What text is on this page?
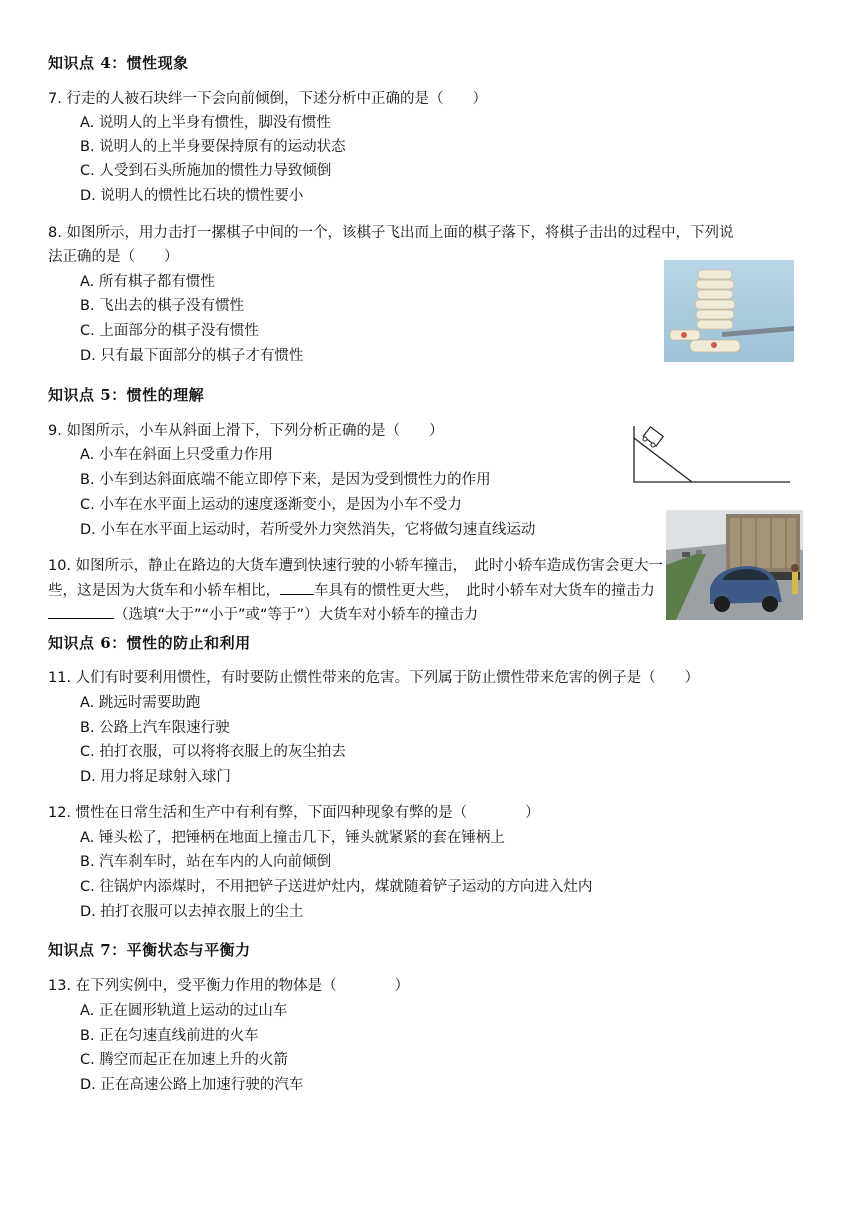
知识点 4：惯性现象
7. 行走的人被石块绊一下会向前倾倒，下述分析中正确的是（　　）
A. 说明人的上半身有惯性，脚没有惯性
B. 说明人的上半身要保持原有的运动状态
C. 人受到石头所施加的惯性力导致倾倒
D. 说明人的惯性比石块的惯性要小
8. 如图所示，用力击打一摞棋子中间的一个，该棋子飞出而上面的棋子落下，将棋子击出的过程中，下列说
法正确的是（　　）
A. 所有棋子都有惯性
B. 飞出去的棋子没有惯性
C. 上面部分的棋子没有惯性
D. 只有最下面部分的棋子才有惯性
知识点 5：惯性的理解
9. 如图所示，小车从斜面上滑下，下列分析正确的是（　　）
A. 小车在斜面上只受重力作用
B. 小车到达斜面底端不能立即停下来，是因为受到惯性力的作用
C. 小车在水平面上运动的速度逐渐变小，是因为小车不受力
D. 小车在水平面上运动时，若所受外力突然消失，它将做匀速直线运动
10. 如图所示，静止在路边的大货车遭到快速行驶的小轿车撞击，　此时小轿车造成伤害会更大一些，这是因为大货车和小轿车相比， 车具有的惯性更大些，　此时小轿车对大货车的撞击力（选填“大于”“小于”或“等于”）大货车对小轿车的撞击力
知识点 6：惯性的防止和利用
11. 人们有时要利用惯性，有时要防止惯性带来的危害。下列属于防止惯性带来危害的例子是（　　）
A. 跳远时需要助跑
B. 公路上汽车限速行驶
C. 拍打衣服，可以将将衣服上的灰尘拍去
D. 用力将足球射入球门
12. 惯性在日常生活和生产中有利有弊，下面四种现象有弊的是（　　　　）
A. 锤头松了，把锤柄在地面上撞击几下，锤头就紧紧的套在锤柄上
B. 汽车刹车时，站在车内的人向前倾倒
C. 往锅炉内添煤时，不用把铲子送进炉灶内，煤就随着铲子运动的方向进入灶内
D. 拍打衣服可以去掉衣服上的尘土
知识点 7：平衡状态与平衡力
13. 在下列实例中，受平衡力作用的物体是（　　　　）
A. 正在圆形轨道上运动的过山车
B. 正在匀速直线前进的火车
C. 腾空而起正在加速上升的火箭
D. 正在高速公路上加速行驶的汽车
